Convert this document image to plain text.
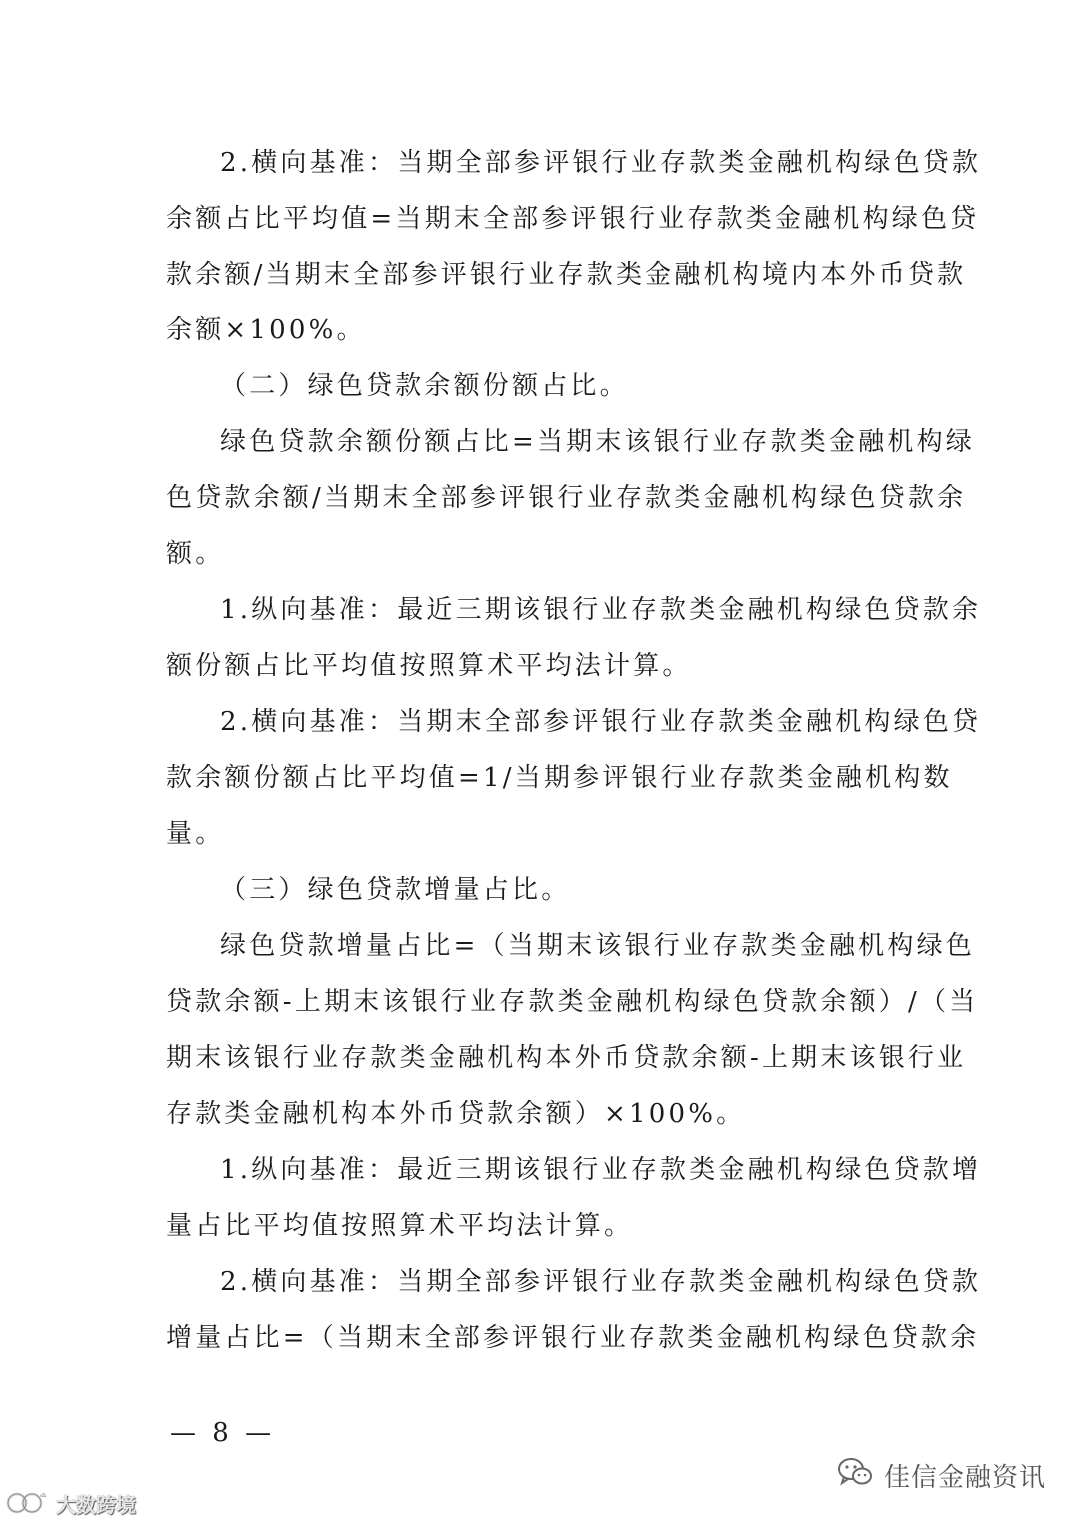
2.横向基准：当期全部参评银行业存款类金融机构绿色贷款
余额占比平均值=当期末全部参评银行业存款类金融机构绿色贷
款余额/当期末全部参评银行业存款类金融机构境内本外币贷款
余额×100%。
（二）绿色贷款余额份额占比。
绿色贷款余额份额占比=当期末该银行业存款类金融机构绿
色贷款余额/当期末全部参评银行业存款类金融机构绿色贷款余
额。
1.纵向基准：最近三期该银行业存款类金融机构绿色贷款余
额份额占比平均值按照算术平均法计算。
2.横向基准：当期末全部参评银行业存款类金融机构绿色贷
款余额份额占比平均值=1/当期参评银行业存款类金融机构数
量。
（三）绿色贷款增量占比。
绿色贷款增量占比=（当期末该银行业存款类金融机构绿色
贷款余额-上期末该银行业存款类金融机构绿色贷款余额）/（当
期末该银行业存款类金融机构本外币贷款余额-上期末该银行业
存款类金融机构本外币贷款余额）×100%。
1.纵向基准：最近三期该银行业存款类金融机构绿色贷款增
量占比平均值按照算术平均法计算。
2.横向基准：当期全部参评银行业存款类金融机构绿色贷款
增量占比=（当期末全部参评银行业存款类金融机构绿色贷款余
— 8 —
大数跨境
佳信金融资讯
